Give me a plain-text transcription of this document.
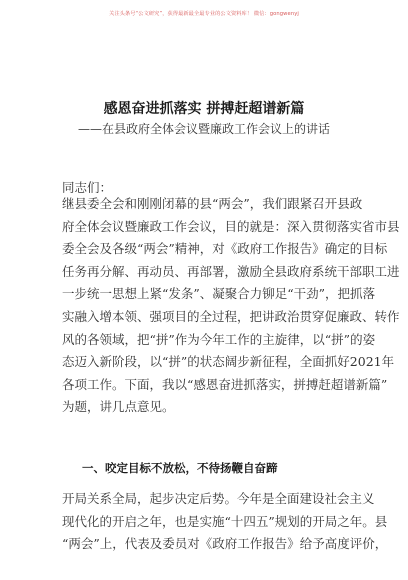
关注头条号“公文研究”，获得最新最全最专业的公文资料库！ 微信：gongwenyj
感恩奋进抓落实 拼搏赶超谱新篇
——在县政府全体会议暨廉政工作会议上的讲话
同志们：
继县委全会和刚刚闭幕的县“两会”，我们跟紧召开县政
府全体会议暨廉政工作会议，目的就是：深入贯彻落实省市县
委全会及各级“两会”精神，对《政府工作报告》确定的目标
任务再分解、再动员、再部署，激励全县政府系统干部职工进
一步统一思想上紧“发条”、凝聚合力铆足“干劲”，把抓落
实融入增本领、强项目的全过程，把讲政治贯穿促廉政、转作
风的各领域，把“拼”作为今年工作的主旋律，以“拼”的姿
态迈入新阶段，以“拼”的状态阔步新征程，全面抓好2021年
各项工作。下面，我以“感恩奋进抓落实，拼搏赶超谱新篇”
为题，讲几点意见。
一、咬定目标不放松，不待扬鞭自奋蹄
开局关系全局，起步决定后势。今年是全面建设社会主义
现代化的开启之年，也是实施“十四五”规划的开局之年。县
“两会”上，代表及委员对《政府工作报告》给予高度评价，
